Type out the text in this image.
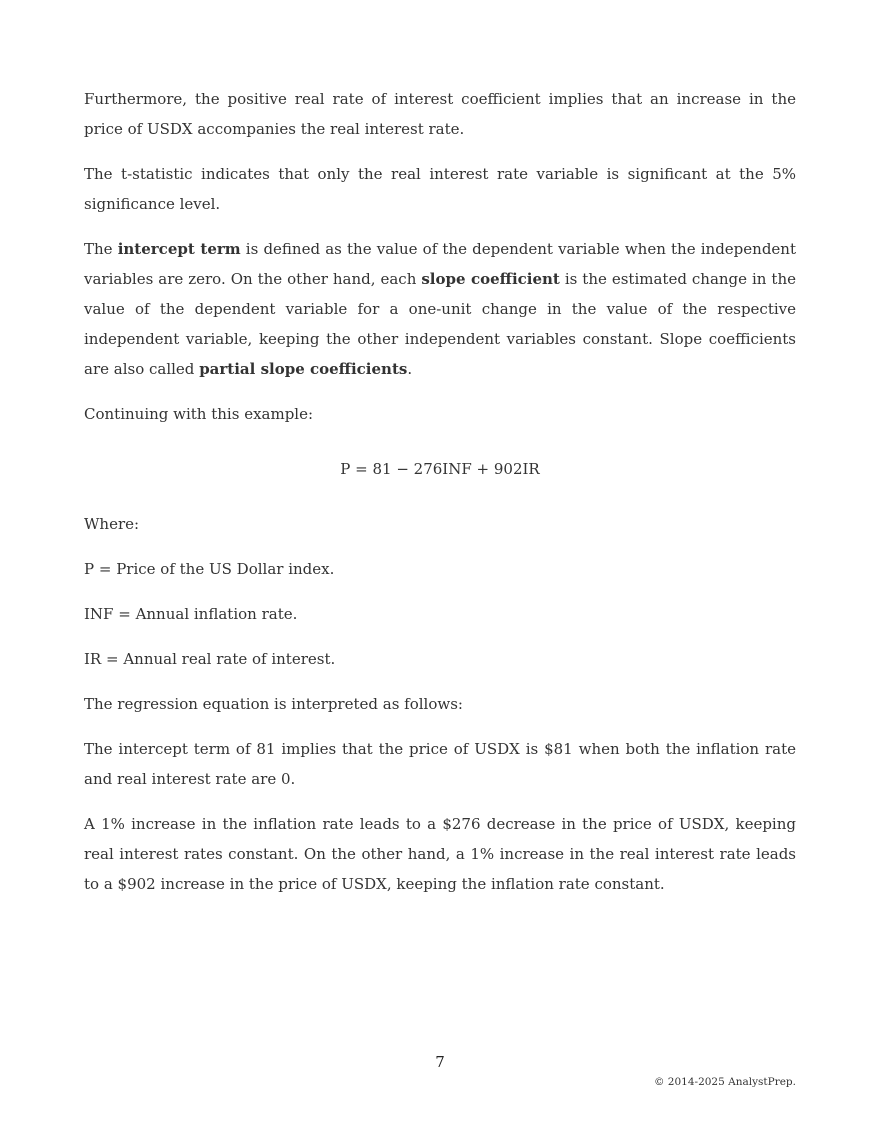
Furthermore, the positive real rate of interest coefficient implies that an increase in the price of USDX accompanies the real interest rate.

The t-statistic indicates that only the real interest rate variable is significant at the 5% significance level.

The intercept term is defined as the value of the dependent variable when the independent variables are zero. On the other hand, each slope coefficient is the estimated change in the value of the dependent variable for a one-unit change in the value of the respective independent variable, keeping the other independent variables constant. Slope coefficients are also called partial slope coefficients.

Continuing with this example:

P = 81 − 276INF + 902IR

Where:

P = Price of the US Dollar index.

INF = Annual inflation rate.

IR = Annual real rate of interest.

The regression equation is interpreted as follows:

The intercept term of 81 implies that the price of USDX is $81 when both the inflation rate and real interest rate are 0.

A 1% increase in the inflation rate leads to a $276 decrease in the price of USDX, keeping real interest rates constant. On the other hand, a 1% increase in the real interest rate leads to a $902 increase in the price of USDX, keeping the inflation rate constant.

7
© 2014-2025 AnalystPrep.
